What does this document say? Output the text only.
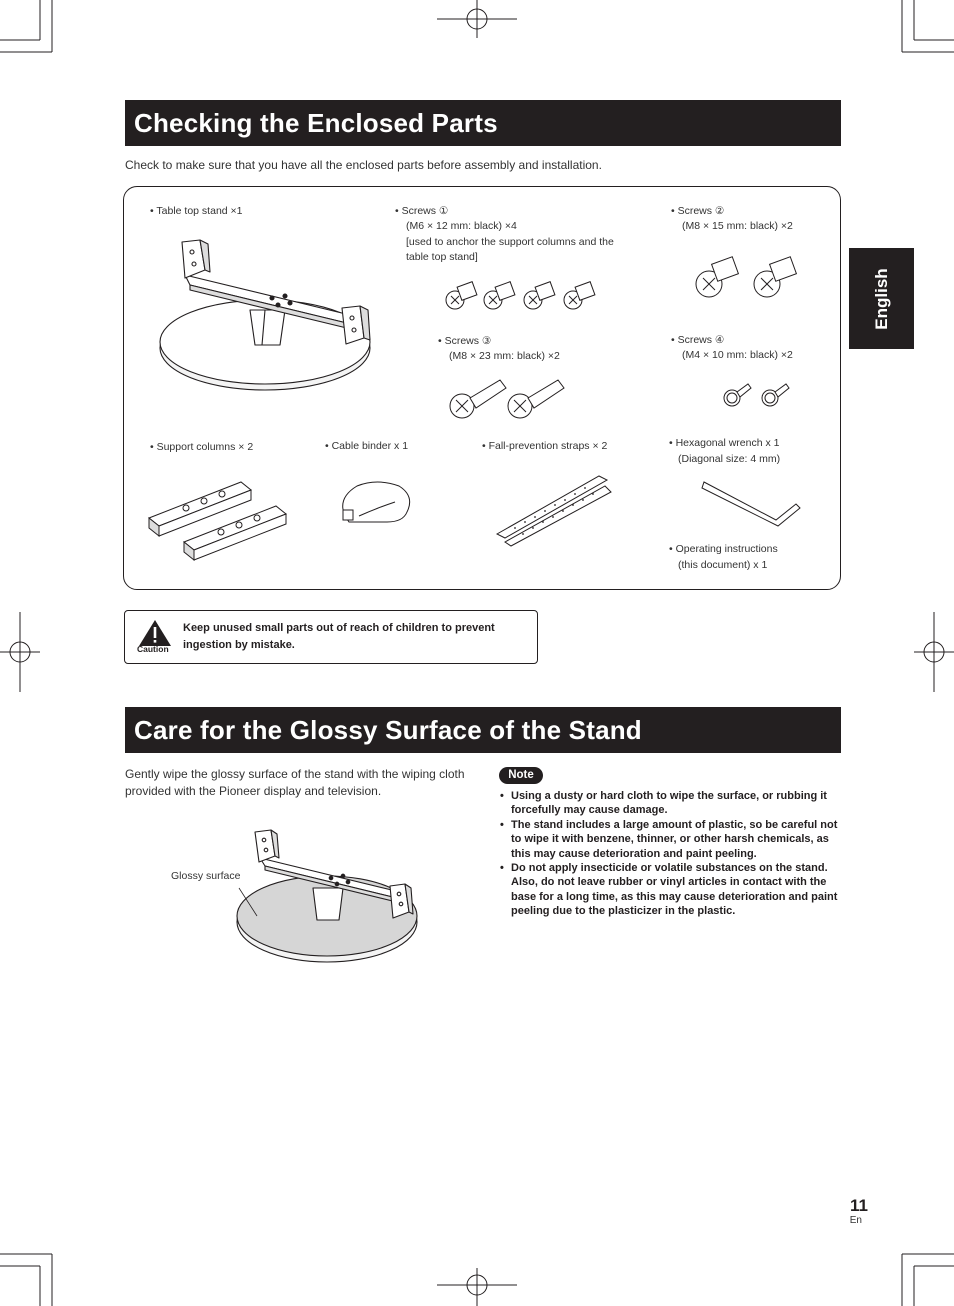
Checking the Enclosed Parts
Check to make sure that you have all the enclosed parts before assembly and installation.
• Table top stand ×1	• Screws ①
(M6 × 12 mm: black) ×4
[used to anchor the support columns and the table top stand]
• Screws ②
(M8 × 15 mm: black) ×2
• Screws ③
(M8 × 23 mm: black) ×2
• Screws ④
(M4 × 10 mm: black) ×2
• Support columns × 2	• Cable binder x 1	• Fall-prevention straps × 2	• Hexagonal wrench x 1
(Diagonal size: 4 mm)
• Operating instructions
(this document) x 1
Caution
Keep unused small parts out of reach of children to prevent ingestion by mistake.
Care for the Glossy Surface of the Stand
Gently wipe the glossy surface of the stand with the wiping cloth provided with the Pioneer display and television.
Glossy surface
Note
• Using a dusty or hard cloth to wipe the surface, or rubbing it forcefully may cause damage.
• The stand includes a large amount of plastic, so be careful not to wipe it with benzene, thinner, or other harsh chemicals, as this may cause deterioration and paint peeling.
• Do not apply insecticide or volatile substances on the stand. Also, do not leave rubber or vinyl articles in contact with the base for a long time, as this may cause deterioration and paint peeling due to the plasticizer in the plastic.
English
11
En
